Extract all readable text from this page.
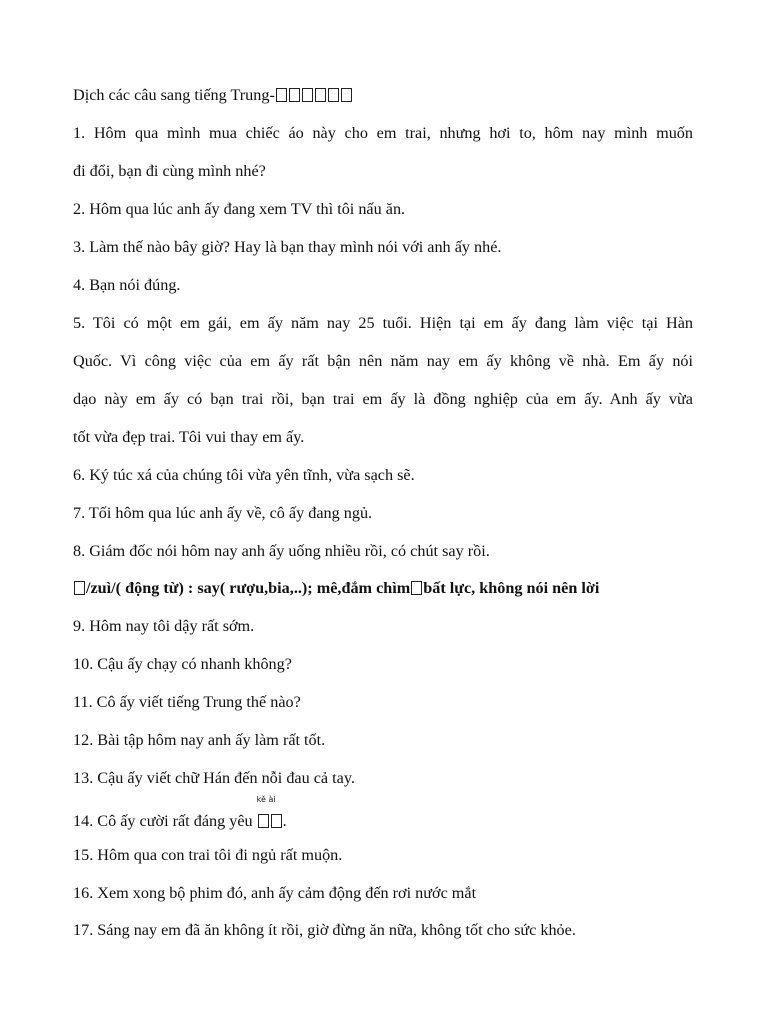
Dịch các câu sang tiếng Trung-
1. Hôm qua mình mua chiếc áo này cho em trai, nhưng hơi to, hôm nay mình muốn
đi đổi, bạn đi cùng mình nhé?
2. Hôm qua lúc anh ấy đang xem TV thì tôi nấu ăn.
3. Làm thế nào bây giờ? Hay là bạn thay mình nói với anh ấy nhé.
4. Bạn nói đúng.
5. Tôi có một em gái, em ấy năm nay 25 tuổi. Hiện tại em ấy đang làm việc tại Hàn
Quốc. Vì công việc của em ấy rất bận nên năm nay em ấy không về nhà. Em ấy nói
dạo này em ấy có bạn trai rồi, bạn trai em ấy là đồng nghiệp của em ấy. Anh ấy vừa
tốt vừa đẹp trai. Tôi vui thay em ấy.
6. Ký túc xá của chúng tôi vừa yên tĩnh, vừa sạch sẽ.
7. Tối hôm qua lúc anh ấy về, cô ấy đang ngủ.
8. Giám đốc nói hôm nay anh ấy uống nhiều rồi, có chút say rồi.
/zuì/( động từ) : say( rượu,bia,..); mê,đắm chìm bất lực, không nói nên lời
9. Hôm nay tôi dậy rất sớm.
10. Cậu ấy chạy có nhanh không?
11. Cô ấy viết tiếng Trung thế nào?
12. Bài tập hôm nay anh ấy làm rất tốt.
13. Cậu ấy viết chữ Hán đến nỗi đau cả tay.
14. Cô ấy cười rất đáng yêu
kě ài
.
15. Hôm qua con trai tôi đi ngủ rất muộn.
16. Xem xong bộ phim đó, anh ấy cảm động đến rơi nước mắt
17. Sáng nay em đã ăn không ít rồi, giờ đừng ăn nữa, không tốt cho sức khỏe.
